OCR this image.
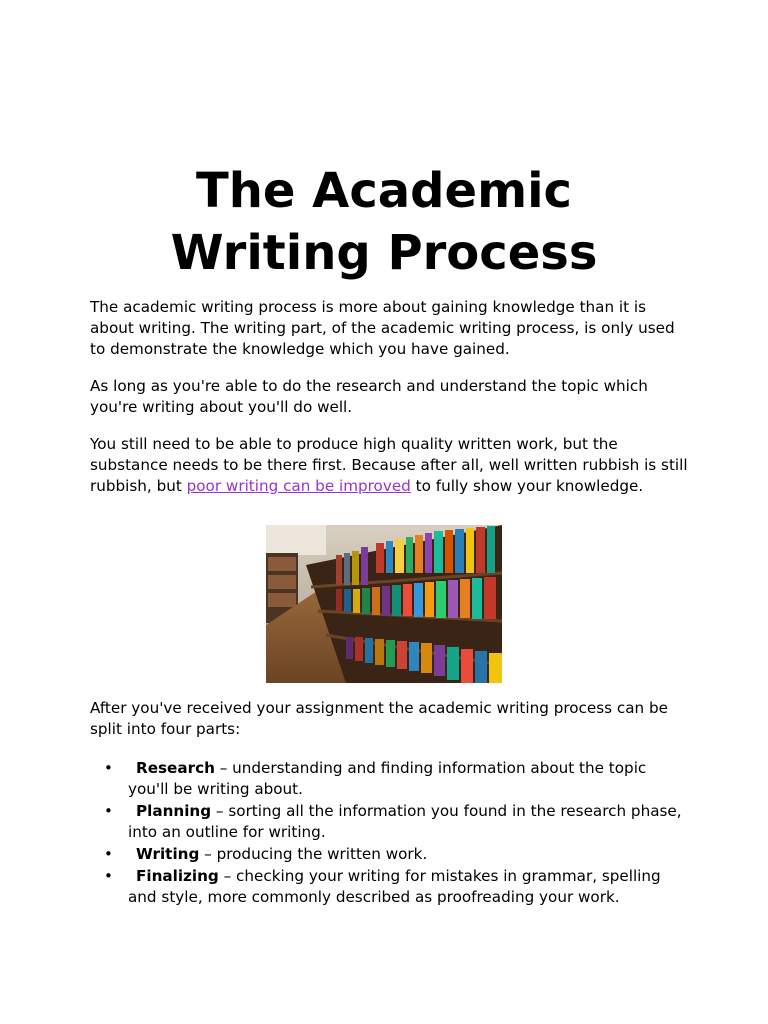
The Academic
Writing Process

The academic writing process is more about gaining knowledge than it is about writing. The writing part, of the academic writing process, is only used to demonstrate the knowledge which you have gained.

As long as you're able to do the research and understand the topic which you're writing about you'll do well.

You still need to be able to produce high quality written work, but the substance needs to be there first. Because after all, well written rubbish is still rubbish, but poor writing can be improved to fully show your knowledge.

After you've received your assignment the academic writing process can be split into four parts:

• Research – understanding and finding information about the topic you'll be writing about.
• Planning – sorting all the information you found in the research phase, into an outline for writing.
• Writing – producing the written work.
• Finalizing – checking your writing for mistakes in grammar, spelling and style, more commonly described as proofreading your work.
